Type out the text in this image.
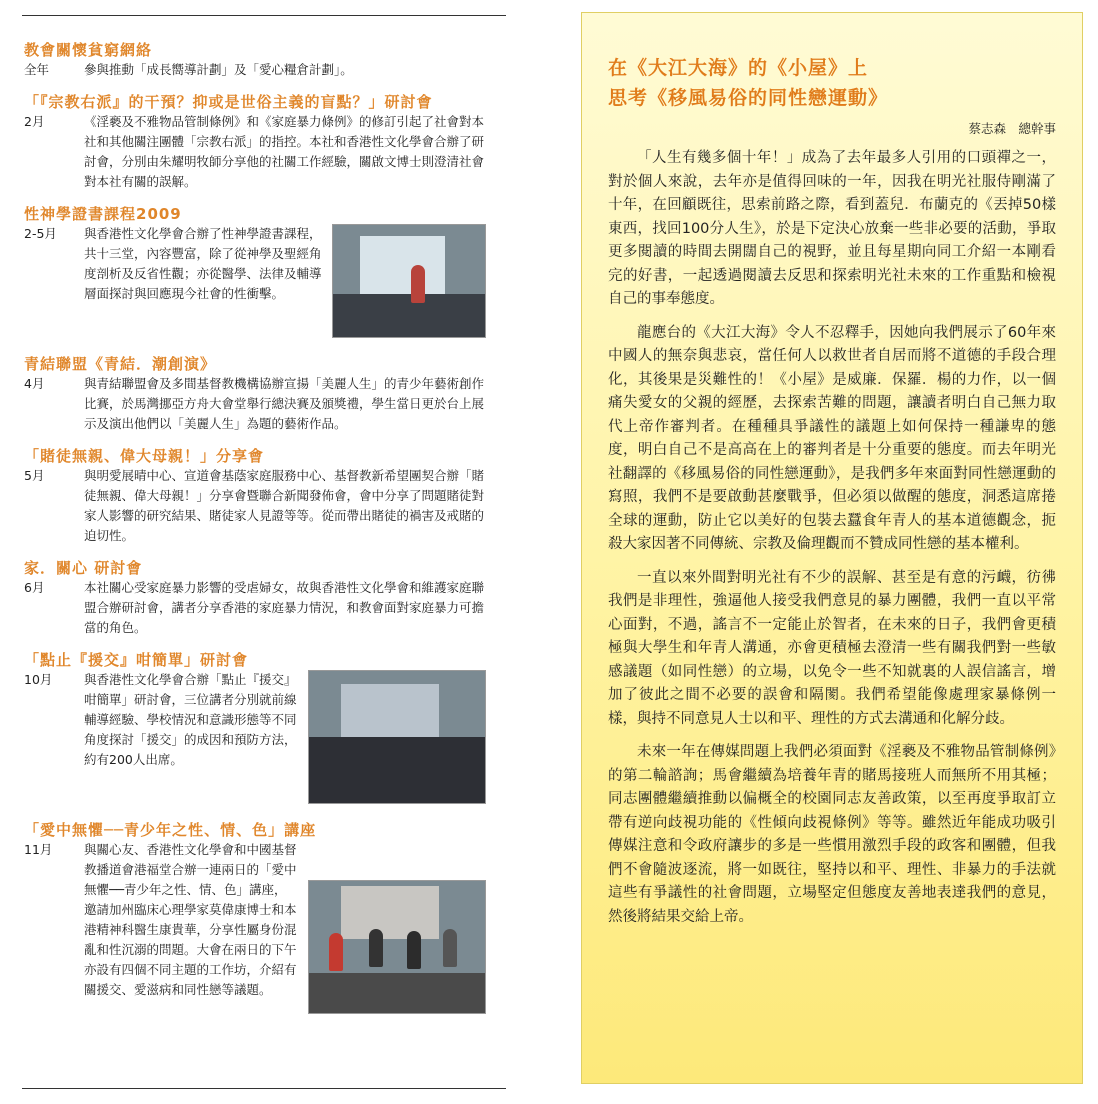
教會關懷貧窮網絡
全年	參與推動「成長嚮導計劃」及「愛心糧倉計劃」。
「『宗教右派』的干預？抑或是世俗主義的盲點？」研討會
2月	《淫褻及不雅物品管制條例》和《家庭暴力條例》的修訂引起了社會對本社和其他關注團體「宗教右派」的指控。本社和香港性文化學會合辦了研討會，分別由朱耀明牧師分享他的社關工作經驗，關啟文博士則澄清社會對本社有關的誤解。
性神學證書課程2009
2-5月	與香港性文化學會合辦了性神學證書課程，共十三堂，內容豐富，除了從神學及聖經角度剖析及反省性觀；亦從醫學、法律及輔導層面探討與回應現今社會的性衝擊。
青結聯盟《青結．潮創演》
4月	與青結聯盟會及多間基督教機構協辦宣揚「美麗人生」的青少年藝術創作比賽，於馬灣挪亞方舟大會堂舉行總決賽及頒獎禮，學生當日更於台上展示及演出他們以「美麗人生」為題的藝術作品。
「賭徒無親、偉大母親！」分享會
5月	與明愛展晴中心、宣道會基蔭家庭服務中心、基督教新希望團契合辦「賭徒無親、偉大母親！」分享會暨聯合新聞發佈會，會中分享了問題賭徒對家人影響的研究結果、賭徒家人見證等等。從而帶出賭徒的禍害及戒賭的迫切性。
家．關心 研討會
6月	本社關心受家庭暴力影響的受虐婦女，故與香港性文化學會和維護家庭聯盟合辦研討會，講者分享香港的家庭暴力情況，和教會面對家庭暴力可擔當的角色。
「點止『援交』咁簡單」研討會
10月	與香港性文化學會合辦「點止『援交』咁簡單」研討會，三位講者分別就前線輔導經驗、學校情況和意識形態等不同角度探討「援交」的成因和預防方法，約有200人出席。
「愛中無懼──青少年之性、情、色」講座
11月	與關心友、香港性文化學會和中國基督教播道會港福堂合辦一連兩日的「愛中無懼──青少年之性、情、色」講座，邀請加州臨床心理學家莫偉康博士和本港精神科醫生康貴華，分享性屬身份混亂和性沉溺的問題。大會在兩日的下午亦設有四個不同主題的工作坊，介紹有關援交、愛滋病和同性戀等議題。
在《大江大海》的《小屋》上
思考《移風易俗的同性戀運動》
蔡志森　總幹事

「人生有幾多個十年！」成為了去年最多人引用的口頭禪之一，對於個人來說，去年亦是值得回味的一年，因我在明光社服侍剛滿了十年，在回顧既往，思索前路之際，看到蓋兒．布蘭克的《丟掉50樣東西，找回100分人生》，於是下定決心放棄一些非必要的活動，爭取更多閱讀的時間去開闊自己的視野，並且每星期向同工介紹一本剛看完的好書，一起透過閱讀去反思和探索明光社未來的工作重點和檢視自己的事奉態度。

龍應台的《大江大海》令人不忍釋手，因她向我們展示了60年來中國人的無奈與悲哀，當任何人以救世者自居而將不道德的手段合理化，其後果是災難性的！《小屋》是威廉．保羅．楊的力作，以一個痛失愛女的父親的經歷，去探索苦難的問題，讓讀者明白自己無力取代上帝作審判者。在種種具爭議性的議題上如何保持一種謙卑的態度，明白自己不是高高在上的審判者是十分重要的態度。而去年明光社翻譯的《移風易俗的同性戀運動》，是我們多年來面對同性戀運動的寫照，我們不是要啟動甚麼戰爭，但必須以做醒的態度，洞悉這席捲全球的運動，防止它以美好的包裝去蠶食年青人的基本道德觀念，扼殺大家因著不同傳統、宗教及倫理觀而不贊成同性戀的基本權利。

一直以來外間對明光社有不少的誤解、甚至是有意的污衊，彷彿我們是非理性，強逼他人接受我們意見的暴力團體，我們一直以平常心面對，不過，謠言不一定能止於智者，在未來的日子，我們會更積極與大學生和年青人溝通，亦會更積極去澄清一些有關我們對一些敏感議題（如同性戀）的立場，以免令一些不知就裏的人誤信謠言，增加了彼此之間不必要的誤會和隔閡。我們希望能像處理家暴條例一樣，與持不同意見人士以和平、理性的方式去溝通和化解分歧。

未來一年在傳媒問題上我們必須面對《淫褻及不雅物品管制條例》的第二輪諮詢；馬會繼續為培養年青的賭馬接班人而無所不用其極；同志團體繼續推動以偏概全的校園同志友善政策，以至再度爭取訂立帶有逆向歧視功能的《性傾向歧視條例》等等。雖然近年能成功吸引傳媒注意和令政府讓步的多是一些慣用激烈手段的政客和團體，但我們不會隨波逐流，將一如既往，堅持以和平、理性、非暴力的手法就這些有爭議性的社會問題，立場堅定但態度友善地表達我們的意見，然後將結果交給上帝。
